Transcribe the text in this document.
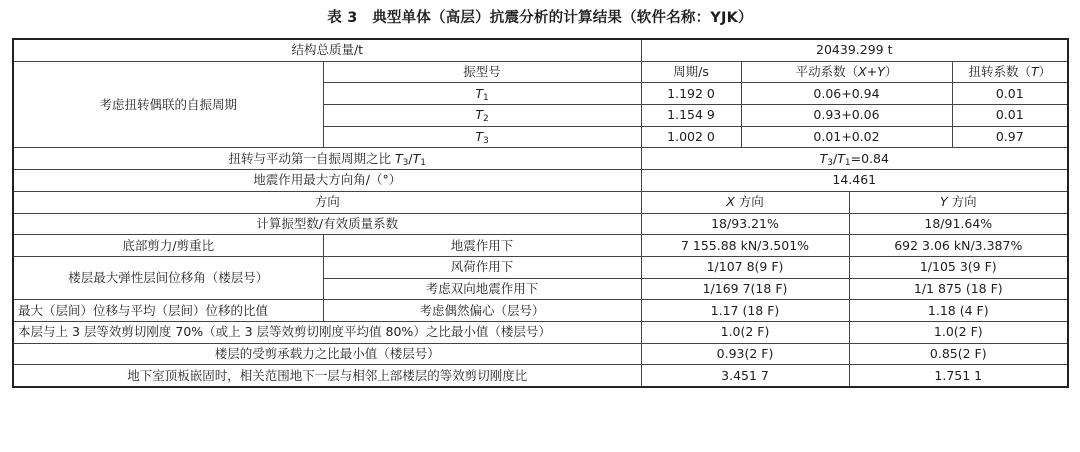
表 3　典型单体（高层）抗震分析的计算结果（软件名称：YJK）
结构总质量/t		20439.299 t			
考虑扭转偶联的自振周期	振型号	周期/s	平动系数（X+Y）		扭转系数（T）
	$T_1$	1.192 0	0.06+0.94		0.01
	$T_2$	1.154 9	0.93+0.06		0.01
	$T_3$	1.002 0	0.01+0.02		0.97
扭转与平动第一自振周期之比 $T_3/T_1$		$T_3/T_1=0.84$			
地震作用最大方向角/（°）		14.461			
方向		X 方向		Y 方向	
计算振型数/有效质量系数		18/93.21%		18/91.64%	
底部剪力/剪重比	地震作用下	7 155.88 kN/3.501%		692 3.06 kN/3.387%	
楼层最大弹性层间位移角（楼层号）	风荷作用下	1/107 8(9 F)		1/105 3(9 F)	
	考虑双向地震作用下	1/169 7(18 F)		1/1 875 (18 F)	
最大（层间）位移与平均（层间）位移的比值	考虑偶然偏心（层号）	1.17 (18 F)		1.18 (4 F)	
本层与上 3 层等效剪切刚度 70%（或上 3 层等效剪切刚度平均值 80%）之比最小值（楼层号）		1.0(2 F)		1.0(2 F)	
楼层的受剪承载力之比最小值（楼层号）		0.93(2 F)		0.85(2 F)	
地下室顶板嵌固时，相关范围地下一层与相邻上部楼层的等效剪切刚度比		3.451 7		1.751 1	
